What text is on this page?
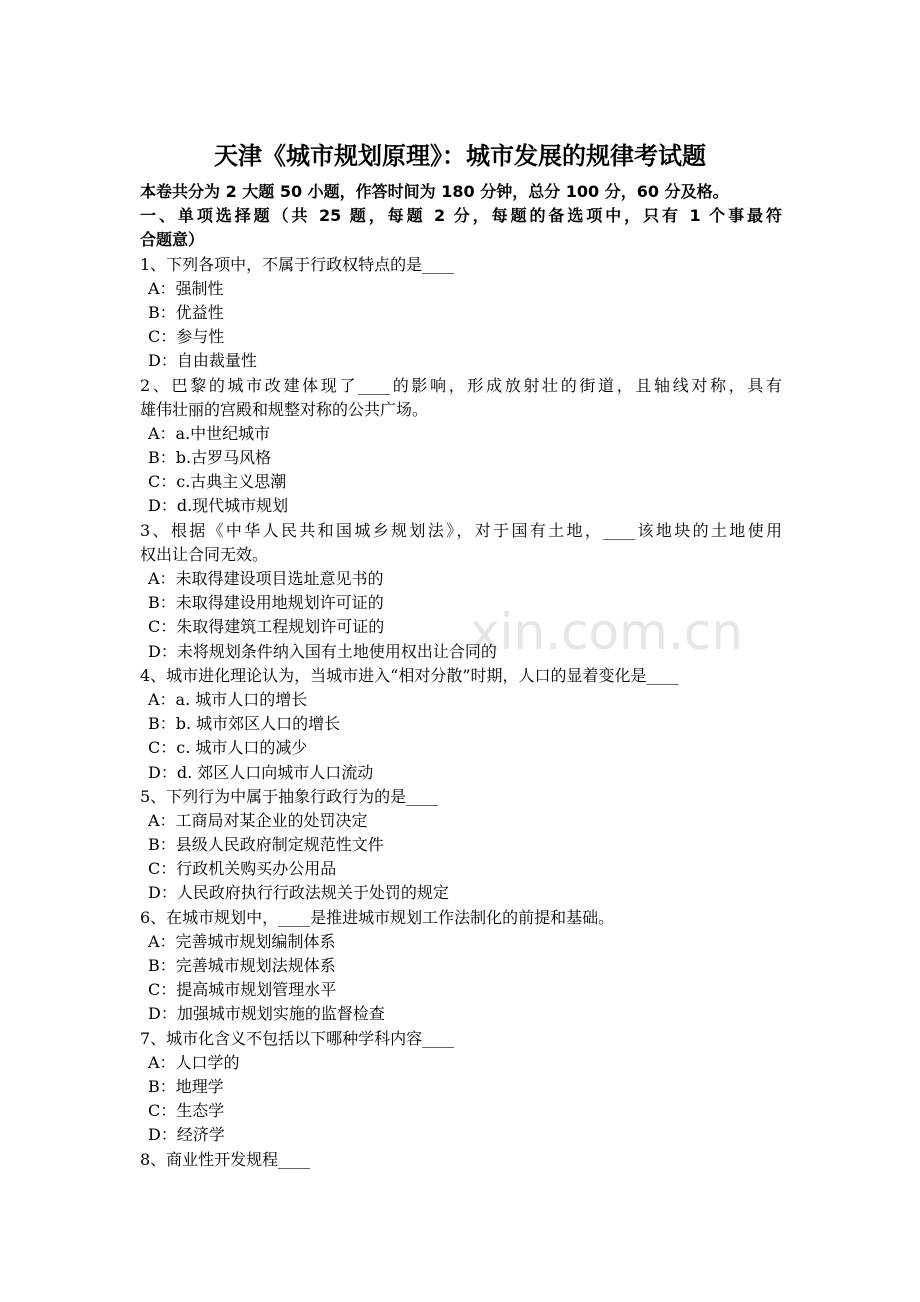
xin.com.cn
天津《城市规划原理》：城市发展的规律考试题
本卷共分为 2 大题 50 小题，作答时间为 180 分钟，总分 100 分，60 分及格。
一、单项选择题（共 25 题，每题 2 分，每题的备选项中，只有 1 个事最符
合题意）
1、下列各项中，不属于行政权特点的是____
A：强制性
B：优益性
C：参与性
D：自由裁量性
2、巴黎的城市改建体现了____的影响，形成放射壮的街道，且轴线对称，具有
雄伟壮丽的宫殿和规整对称的公共广场。
A：a.中世纪城市
B：b.古罗马风格
C：c.古典主义思潮
D：d.现代城市规划
3、根据《中华人民共和国城乡规划法》，对于国有土地，____该地块的土地使用
权出让合同无效。
A：未取得建设项目选址意见书的
B：未取得建设用地规划许可证的
C：朱取得建筑工程规划许可证的
D：未将规划条件纳入国有土地使用权出让合同的
4、城市进化理论认为，当城市进入“相对分散”时期，人口的显着变化是____
A：a. 城市人口的增长
B：b. 城市郊区人口的增长
C：c. 城市人口的减少
D：d. 郊区人口向城市人口流动
5、下列行为中属于抽象行政行为的是____
A：工商局对某企业的处罚决定
B：县级人民政府制定规范性文件
C：行政机关购买办公用品
D：人民政府执行行政法规关于处罚的规定
6、在城市规划中，____是推进城市规划工作法制化的前提和基础。
A：完善城市规划编制体系
B：完善城市规划法规体系
C：提高城市规划管理水平
D：加强城市规划实施的监督检查
7、城市化含义不包括以下哪种学科内容____
A：人口学的
B：地理学
C：生态学
D：经济学
8、商业性开发规程____
